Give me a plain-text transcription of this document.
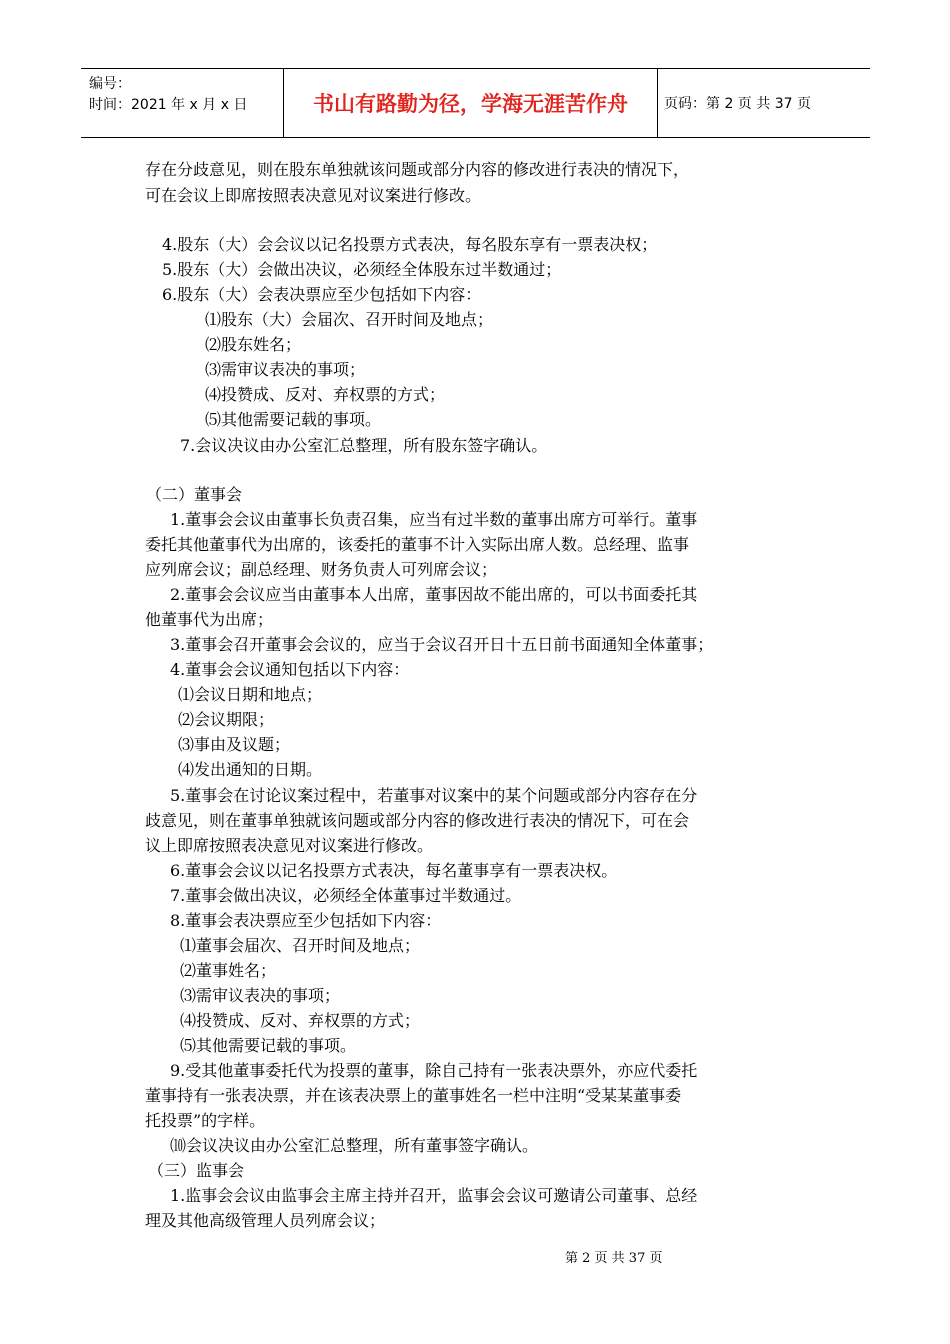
编号：
时间：2021 年 x 月 x 日	书山有路勤为径，学海无涯苦作舟	页码：第 2 页 共 37 页
存在分歧意见，则在股东单独就该问题或部分内容的修改进行表决的情况下，
可在会议上即席按照表决意见对议案进行修改。
4.股东（大）会会议以记名投票方式表决，每名股东享有一票表决权；
5.股东（大）会做出决议，必须经全体股东过半数通过；
6.股东（大）会表决票应至少包括如下内容：
⑴股东（大）会届次、召开时间及地点；
⑵股东姓名；
⑶需审议表决的事项；
⑷投赞成、反对、弃权票的方式；
⑸其他需要记载的事项。
7.会议决议由办公室汇总整理，所有股东签字确认。
（二）董事会
1.董事会会议由董事长负责召集，应当有过半数的董事出席方可举行。董事
委托其他董事代为出席的，该委托的董事不计入实际出席人数。总经理、监事
应列席会议；副总经理、财务负责人可列席会议；
2.董事会会议应当由董事本人出席，董事因故不能出席的，可以书面委托其
他董事代为出席；
3.董事会召开董事会会议的，应当于会议召开日十五日前书面通知全体董事；
4.董事会会议通知包括以下内容：
⑴会议日期和地点；
⑵会议期限；
⑶事由及议题；
⑷发出通知的日期。
5.董事会在讨论议案过程中，若董事对议案中的某个问题或部分内容存在分
歧意见，则在董事单独就该问题或部分内容的修改进行表决的情况下，可在会
议上即席按照表决意见对议案进行修改。
6.董事会会议以记名投票方式表决，每名董事享有一票表决权。
7.董事会做出决议，必须经全体董事过半数通过。
8.董事会表决票应至少包括如下内容：
⑴董事会届次、召开时间及地点；
⑵董事姓名；
⑶需审议表决的事项；
⑷投赞成、反对、弃权票的方式；
⑸其他需要记载的事项。
9.受其他董事委托代为投票的董事，除自己持有一张表决票外，亦应代委托
董事持有一张表决票，并在该表决票上的董事姓名一栏中注明“受某某董事委
托投票”的字样。
⑽会议决议由办公室汇总整理，所有董事签字确认。
（三）监事会
1.监事会会议由监事会主席主持并召开，监事会会议可邀请公司董事、总经
理及其他高级管理人员列席会议；
第 2 页 共 37 页
